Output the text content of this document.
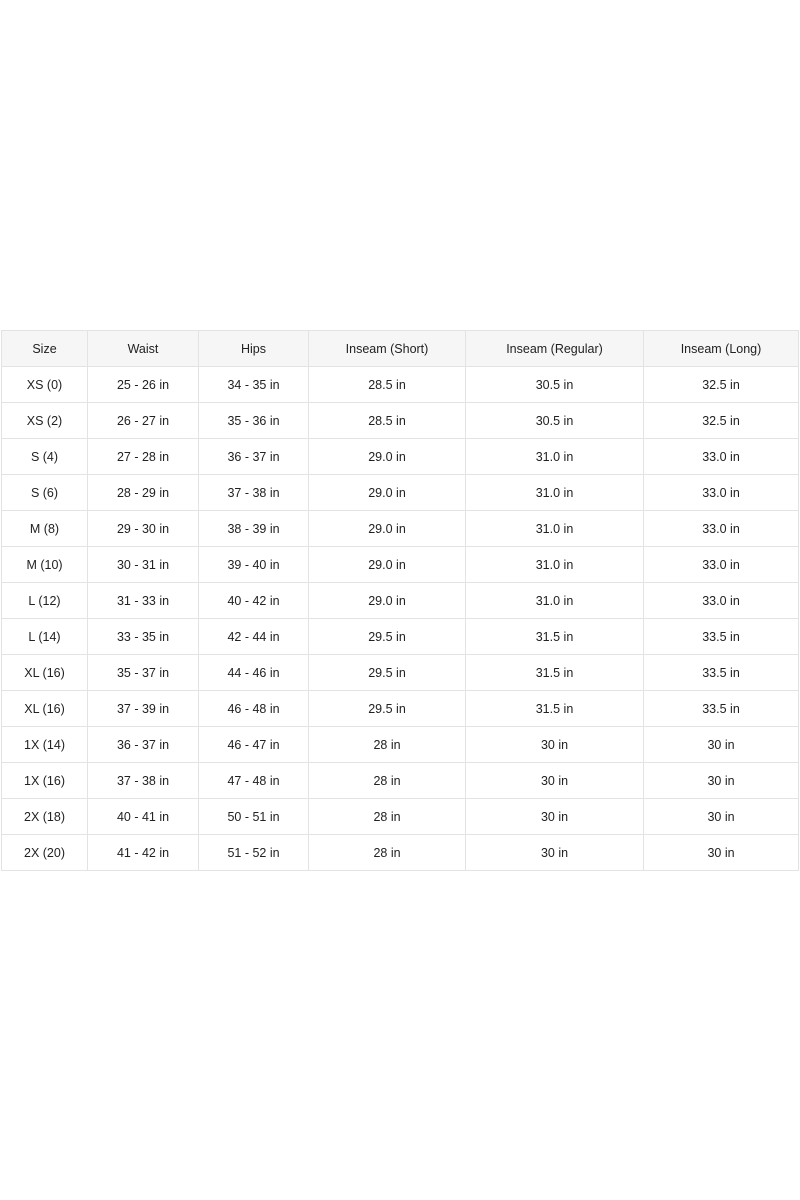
Size	Waist	Hips	Inseam (Short)	Inseam (Regular)	Inseam (Long)
XS (0)	25 - 26 in	34 - 35 in	28.5 in	30.5 in	32.5 in
XS (2)	26 - 27 in	35 - 36 in	28.5 in	30.5 in	32.5 in
S (4)	27 - 28 in	36 - 37 in	29.0 in	31.0 in	33.0 in
S (6)	28 - 29 in	37 - 38 in	29.0 in	31.0 in	33.0 in
M (8)	29 - 30 in	38 - 39 in	29.0 in	31.0 in	33.0 in
M (10)	30 - 31 in	39 - 40 in	29.0 in	31.0 in	33.0 in
L (12)	31 - 33 in	40 - 42 in	29.0 in	31.0 in	33.0 in
L (14)	33 - 35 in	42 - 44 in	29.5 in	31.5 in	33.5 in
XL (16)	35 - 37 in	44 - 46 in	29.5 in	31.5 in	33.5 in
XL (16)	37 - 39 in	46 - 48 in	29.5 in	31.5 in	33.5 in
1X (14)	36 - 37 in	46 - 47 in	28 in	30 in	30 in
1X (16)	37 - 38 in	47 - 48 in	28 in	30 in	30 in
2X (18)	40 - 41 in	50 - 51 in	28 in	30 in	30 in
2X (20)	41 - 42 in	51 - 52 in	28 in	30 in	30 in
